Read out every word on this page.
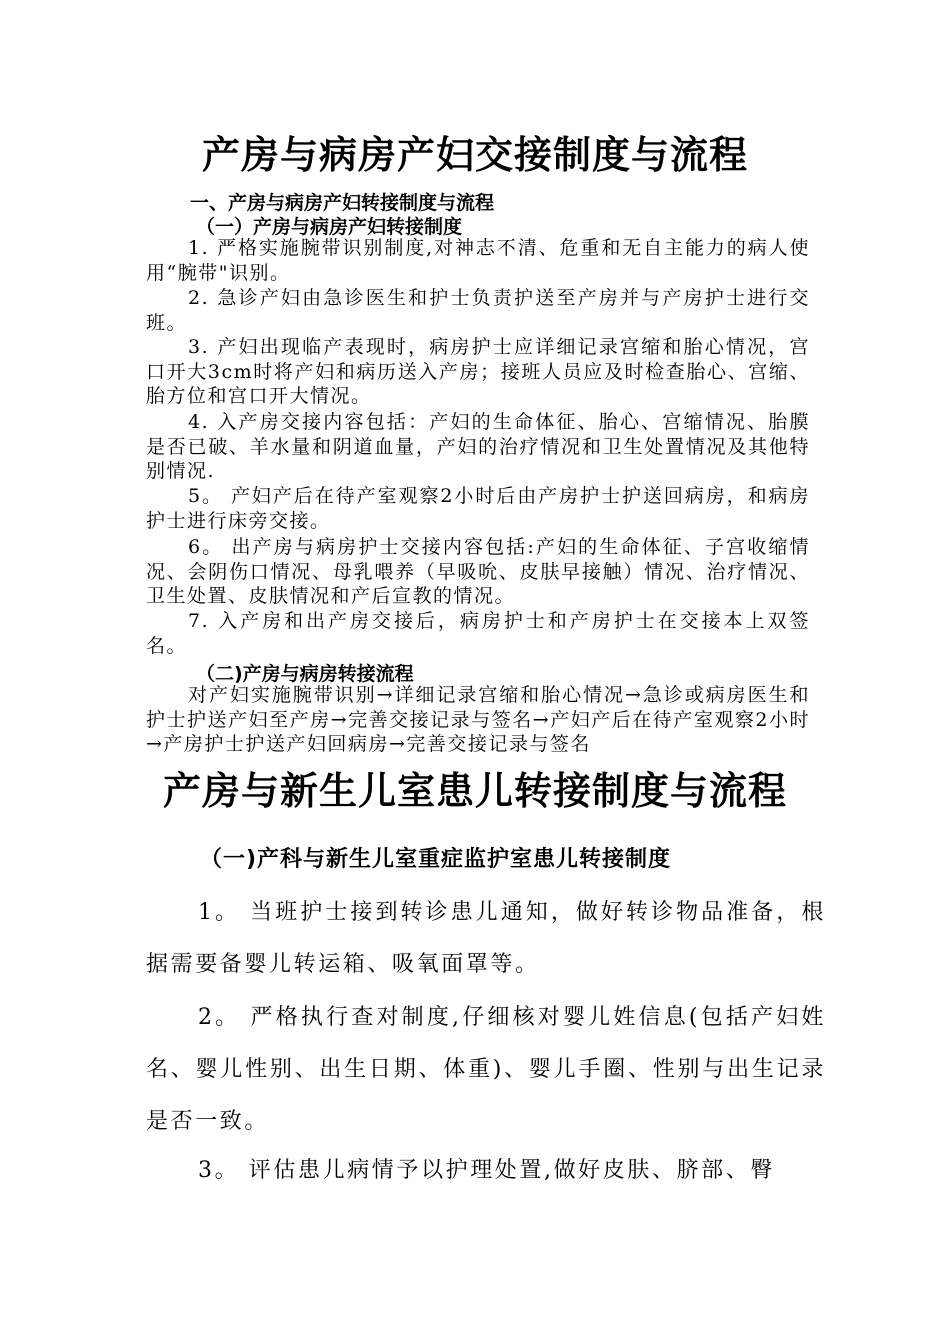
产房与病房产妇交接制度与流程
一、产房与病房产妇转接制度与流程
（一）产房与病房产妇转接制度

1. 严格实施腕带识别制度,对神志不清、危重和无自主能力的病人使用“腕带"识别。

2. 急诊产妇由急诊医生和护士负责护送至产房并与产房护士进行交班。

3. 产妇出现临产表现时，病房护士应详细记录宫缩和胎心情况，宫口开大3cm时将产妇和病历送入产房；接班人员应及时检查胎心、宫缩、胎方位和宫口开大情况。

4. 入产房交接内容包括：产妇的生命体征、胎心、宫缩情况、胎膜是否已破、羊水量和阴道血量，产妇的治疗情况和卫生处置情况及其他特别情况.

5。 产妇产后在待产室观察2小时后由产房护士护送回病房，和病房护士进行床旁交接。

6。 出产房与病房护士交接内容包括:产妇的生命体征、子宫收缩情况、会阴伤口情况、母乳喂养（早吸吮、皮肤早接触）情况、治疗情况、卫生处置、皮肤情况和产后宣教的情况。

7. 入产房和出产房交接后，病房护士和产房护士在交接本上双签名。

（二)产房与病房转接流程

对产妇实施腕带识别→详细记录宫缩和胎心情况→急诊或病房医生和护士护送产妇至产房→完善交接记录与签名→产妇产后在待产室观察2小时→产房护士护送产妇回病房→完善交接记录与签名

产房与新生儿室患儿转接制度与流程
（一)产科与新生儿室重症监护室患儿转接制度

1。 当班护士接到转诊患儿通知，做好转诊物品准备，根据需要备婴儿转运箱、吸氧面罩等。

2。 严格执行查对制度,仔细核对婴儿姓信息(包括产妇姓名、婴儿性别、出生日期、体重)、婴儿手圈、性别与出生记录是否一致。

3。 评估患儿病情予以护理处置,做好皮肤、脐部、臀
